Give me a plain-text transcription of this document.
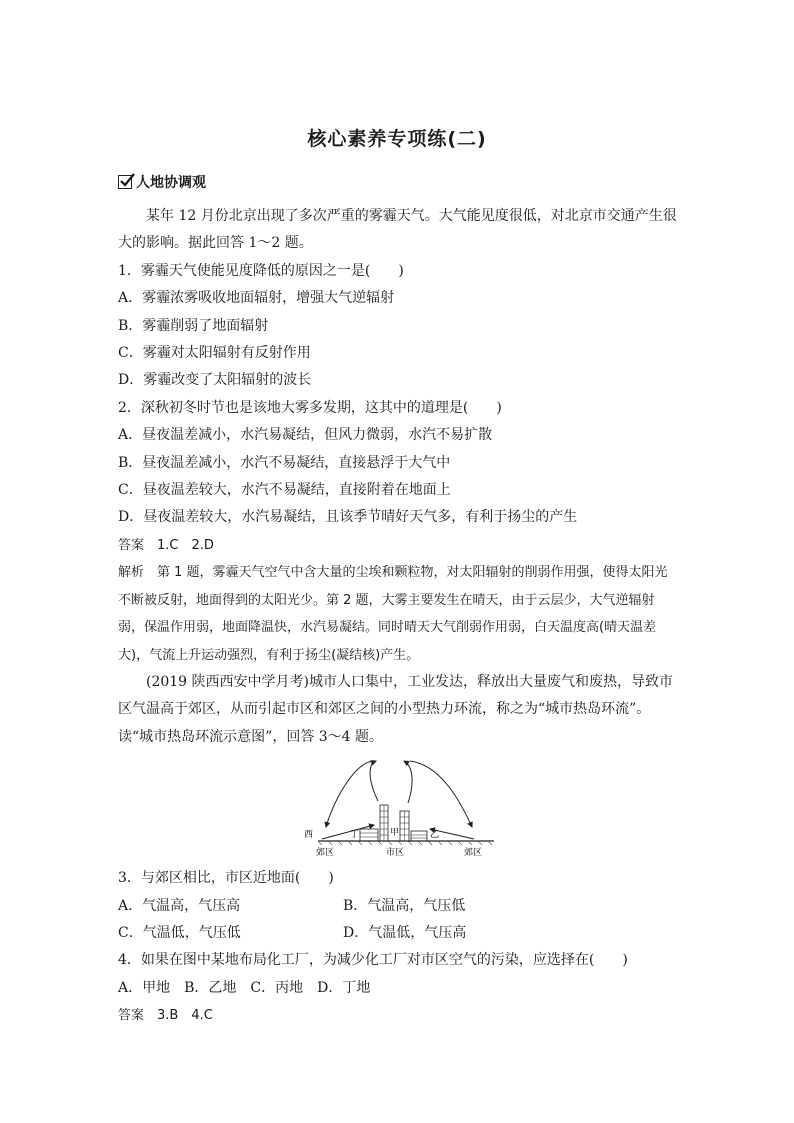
核心素养专项练(二)
人地协调观

某年 12 月份北京出现了多次严重的雾霾天气。大气能见度很低，对北京市交通产生很大的影响。据此回答 1～2 题。

1．雾霾天气使能见度降低的原因之一是(　　)

A．雾霾浓雾吸收地面辐射，增强大气逆辐射

B．雾霾削弱了地面辐射

C．雾霾对太阳辐射有反射作用

D．雾霾改变了太阳辐射的波长

2．深秋初冬时节也是该地大雾多发期，这其中的道理是(　　)

A．昼夜温差减小，水汽易凝结，但风力微弱，水汽不易扩散

B．昼夜温差减小，水汽不易凝结，直接悬浮于大气中

C．昼夜温差较大，水汽不易凝结，直接附着在地面上

D．昼夜温差较大，水汽易凝结，且该季节晴好天气多，有利于扬尘的产生

答案　1.C　2.D

解析　第 1 题，雾霾天气空气中含大量的尘埃和颗粒物，对太阳辐射的削弱作用强，使得太阳光不断被反射，地面得到的太阳光少。第 2 题，大雾主要发生在晴天，由于云层少，大气逆辐射弱，保温作用弱，地面降温快，水汽易凝结。同时晴天大气削弱作用弱，白天温度高(晴天温差大)，气流上升运动强烈，有利于扬尘(凝结核)产生。

(2019 陕西西安中学月考)城市人口集中，工业发达，释放出大量废气和废热，导致市区气温高于郊区，从而引起市区和郊区之间的小型热力环流，称之为“城市热岛环流”。读“城市热岛环流示意图”，回答 3～4 题。

西	丁	甲	乙
郊区	市区	郊区

3．与郊区相比，市区近地面(　　)

A．气温高，气压高	B．气温高，气压低
C．气温低，气压低	D．气温低，气压高

4．如果在图中某地布局化工厂，为减少化工厂对市区空气的污染，应选择在(　　)

A．甲地　B．乙地　C．丙地　D．丁地

答案　3.B　4.C
